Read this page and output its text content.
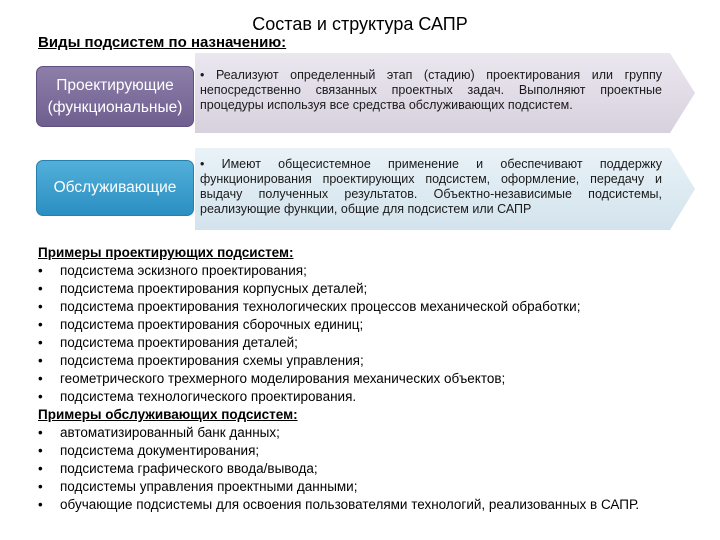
Состав и структура САПР
Виды подсистем по назначению:

• Реализуют определенный этап (стадию) проектирования или группу непосредственно связанных проектных задач. Выполняют проектные процедуры используя все средства обслуживающих подсистем.

Проектирующие (функциональные)

• Имеют общесистемное применение и обеспечивают поддержку функционирования проектирующих подсистем, оформление, передачу и выдачу полученных результатов. Объектно-независимые подсистемы, реализующие функции, общие для подсистем или САПР

Обслуживающие
Примеры проектирующих подсистем:
• подсистема эскизного проектирования;
• подсистема проектирования корпусных деталей;
• подсистема проектирования технологических процессов механической обработки;
• подсистема проектирования сборочных единиц;
• подсистема проектирования деталей;
• подсистема проектирования схемы управления;
• геометрического трехмерного моделирования механических объектов;
• подсистема технологического проектирования.
Примеры обслуживающих подсистем:
• автоматизированный банк данных;
• подсистема документирования;
• подсистема графического ввода/вывода;
• подсистемы управления проектными данными;
• обучающие подсистемы для освоения пользователями технологий, реализованных в САПР.
